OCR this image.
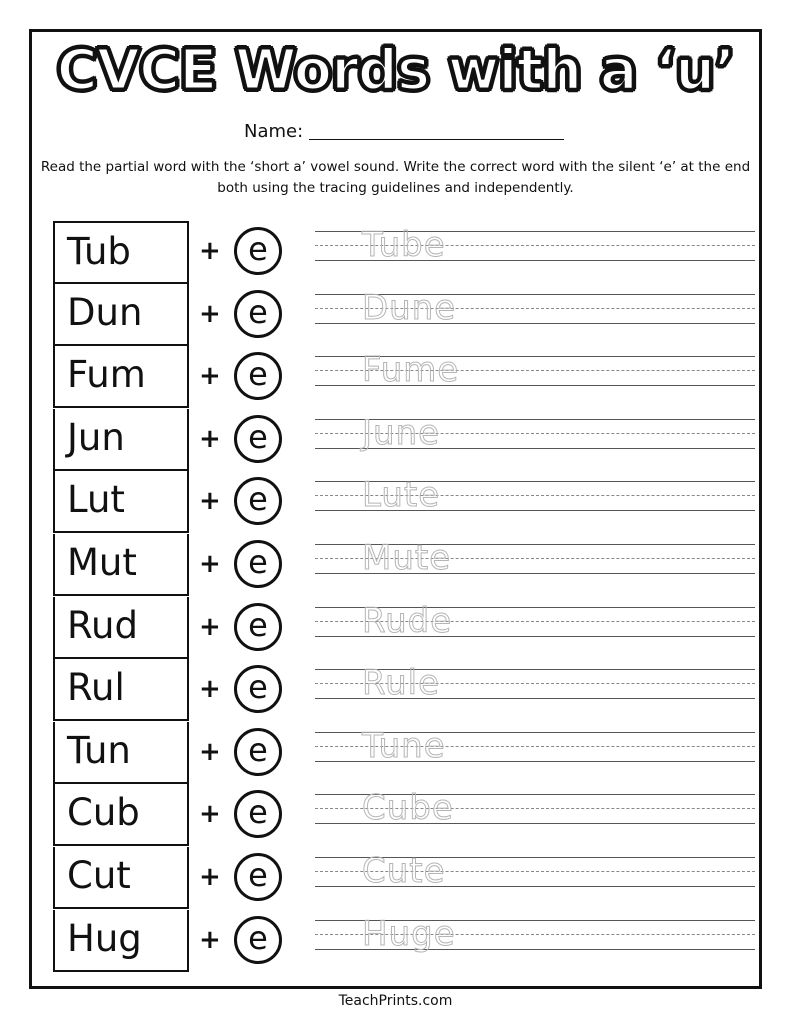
CVCE Words with a ‘u’
Name:
Read the partial word with the ‘short a’ vowel sound. Write the correct word with the silent ‘e’ at the end both using the tracing guidelines and independently.
Tub	+ e	Tube
Dun	+ e	Dune
Fum	+ e	Fume
Jun	+ e	June
Lut	+ e	Lute
Mut	+ e	Mute
Rud	+ e	Rude
Rul	+ e	Rule
Tun	+ e	Tune
Cub	+ e	Cube
Cut	+ e	Cute
Hug	+ e	Huge
TeachPrints.com
